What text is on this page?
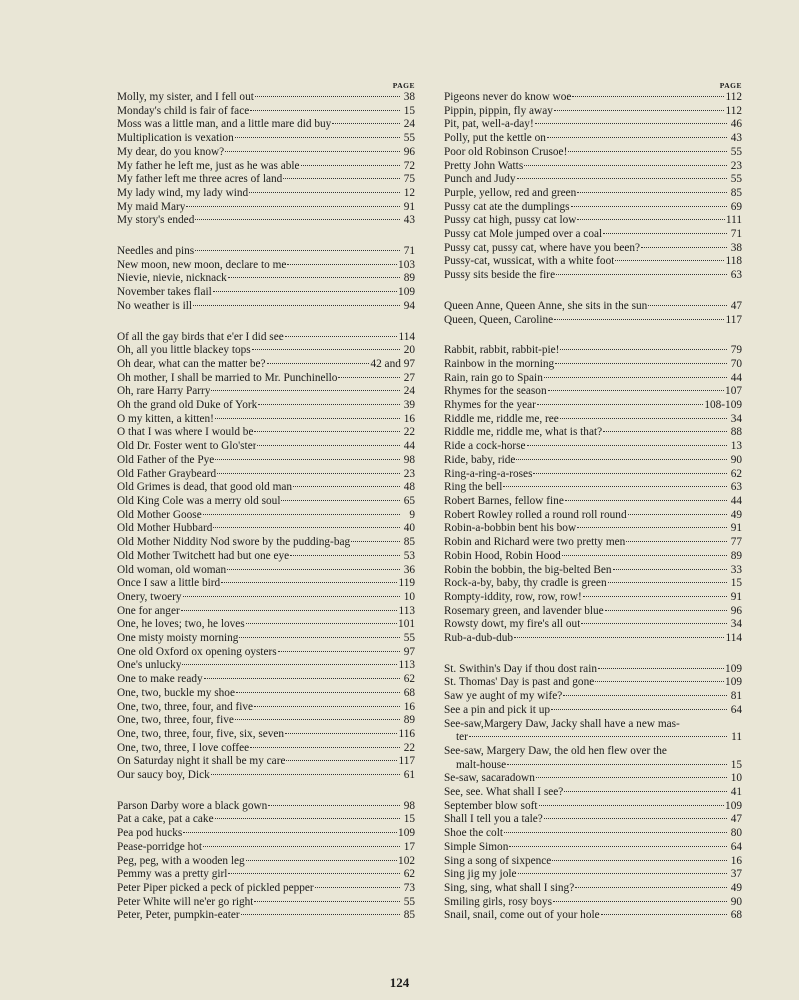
PAGE
Molly, my sister, and I fell out	38
Monday's child is fair of face	15
Moss was a little man, and a little mare did buy	24
Multiplication is vexation	55
My dear, do you know?	96
My father he left me, just as he was able	72
My father left me three acres of land	75
My lady wind, my lady wind	12
My maid Mary	91
My story's ended	43
Needles and pins	71
New moon, new moon, declare to me	103
Nievie, nievie, nicknack	89
November takes flail	109
No weather is ill	94
Of all the gay birds that e'er I did see	114
Oh, all you little blackey tops	20
Oh dear, what can the matter be?	42 and 97
Oh mother, I shall be married to Mr. Punchinello	27
Oh, rare Harry Parry	24
Oh the grand old Duke of York	39
O my kitten, a kitten!	16
O that I was where I would be	22
Old Dr. Foster went to Glo'ster	44
Old Father of the Pye	98
Old Father Graybeard	23
Old Grimes is dead, that good old man	48
Old King Cole was a merry old soul	65
Old Mother Goose	9
Old Mother Hubbard	40
Old Mother Niddity Nod swore by the pudding-bag	85
Old Mother Twitchett had but one eye	53
Old woman, old woman	36
Once I saw a little bird	119
Onery, twoery	10
One for anger	113
One, he loves; two, he loves	101
One misty moisty morning	55
One old Oxford ox opening oysters	97
One's unlucky	113
One to make ready	62
One, two, buckle my shoe	68
One, two, three, four, and five	16
One, two, three, four, five	89
One, two, three, four, five, six, seven	116
One, two, three, I love coffee	22
On Saturday night it shall be my care	117
Our saucy boy, Dick	61
Parson Darby wore a black gown	98
Pat a cake, pat a cake	15
Pea pod hucks	109
Pease-porridge hot	17
Peg, peg, with a wooden leg	102
Pemmy was a pretty girl	62
Peter Piper picked a peck of pickled pepper	73
Peter White will ne'er go right	55
Peter, Peter, pumpkin-eater	85
PAGE
Pigeons never do know woe	112
Pippin, pippin, fly away	112
Pit, pat, well-a-day!	46
Polly, put the kettle on	43
Poor old Robinson Crusoe!	55
Pretty John Watts	23
Punch and Judy	55
Purple, yellow, red and green	85
Pussy cat ate the dumplings	69
Pussy cat high, pussy cat low	111
Pussy cat Mole jumped over a coal	71
Pussy cat, pussy cat, where have you been?	38
Pussy-cat, wussicat, with a white foot	118
Pussy sits beside the fire	63
Queen Anne, Queen Anne, she sits in the sun	47
Queen, Queen, Caroline	117
Rabbit, rabbit, rabbit-pie!	79
Rainbow in the morning	70
Rain, rain go to Spain	44
Rhymes for the season	107
Rhymes for the year	108-109
Riddle me, riddle me, ree	34
Riddle me, riddle me, what is that?	88
Ride a cock-horse	13
Ride, baby, ride	90
Ring-a-ring-a-roses	62
Ring the bell	63
Robert Barnes, fellow fine	44
Robert Rowley rolled a round roll round	49
Robin-a-bobbin bent his bow	91
Robin and Richard were two pretty men	77
Robin Hood, Robin Hood	89
Robin the bobbin, the big-belted Ben	33
Rock-a-by, baby, thy cradle is green	15
Rompty-iddity, row, row, row!	91
Rosemary green, and lavender blue	96
Rowsty dowt, my fire's all out	34
Rub-a-dub-dub	114
St. Swithin's Day if thou dost rain	109
St. Thomas' Day is past and gone	109
Saw ye aught of my wife?	81
See a pin and pick it up	64
See-saw,Margery Daw, Jacky shall have a new mas-
ter	11
See-saw, Margery Daw, the old hen flew over the
malt-house	15
Se-saw, sacaradown	10
See, see. What shall I see?	41
September blow soft	109
Shall I tell you a tale?	47
Shoe the colt	80
Simple Simon	64
Sing a song of sixpence	16
Sing jig my jole	37
Sing, sing, what shall I sing?	49
Smiling girls, rosy boys	90
Snail, snail, come out of your hole	68
124
